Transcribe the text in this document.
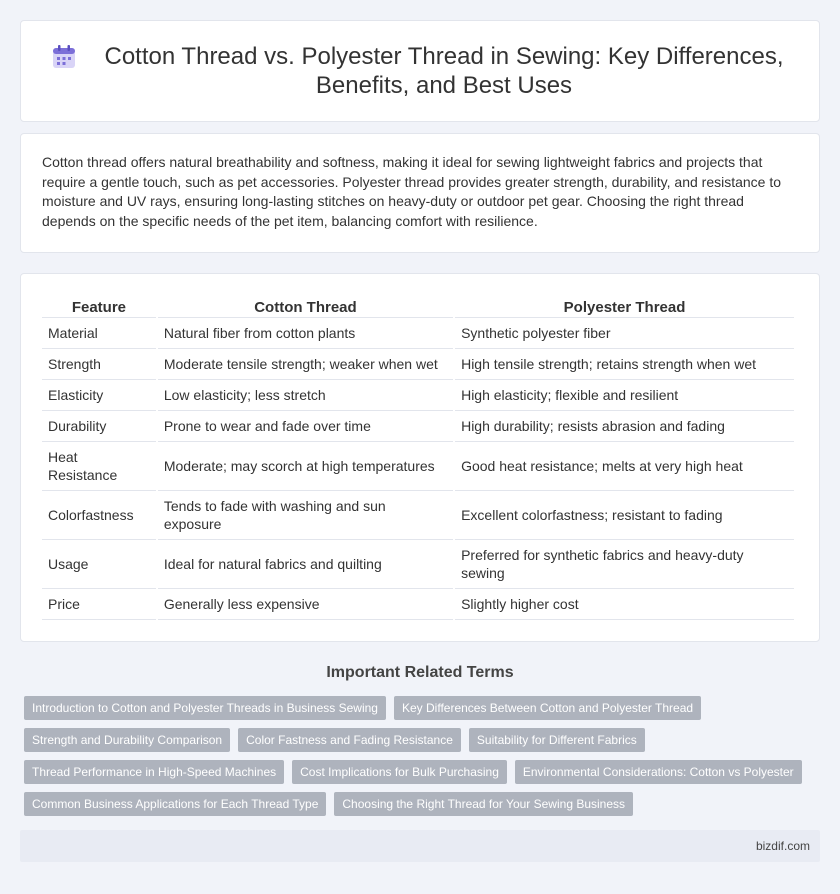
Cotton Thread vs. Polyester Thread in Sewing: Key Differences, Benefits, and Best Uses

Cotton thread offers natural breathability and softness, making it ideal for sewing lightweight fabrics and projects that require a gentle touch, such as pet accessories. Polyester thread provides greater strength, durability, and resistance to moisture and UV rays, ensuring long-lasting stitches on heavy-duty or outdoor pet gear. Choosing the right thread depends on the specific needs of the pet item, balancing comfort with resilience.

Feature	Cotton Thread	Polyester Thread
Material	Natural fiber from cotton plants	Synthetic polyester fiber
Strength	Moderate tensile strength; weaker when wet	High tensile strength; retains strength when wet
Elasticity	Low elasticity; less stretch	High elasticity; flexible and resilient
Durability	Prone to wear and fade over time	High durability; resists abrasion and fading
Heat Resistance	Moderate; may scorch at high temperatures	Good heat resistance; melts at very high heat
Colorfastness	Tends to fade with washing and sun exposure	Excellent colorfastness; resistant to fading
Usage	Ideal for natural fabrics and quilting	Preferred for synthetic fabrics and heavy-duty sewing
Price	Generally less expensive	Slightly higher cost
Important Related Terms
Introduction to Cotton and Polyester Threads in Business Sewing	Key Differences Between Cotton and Polyester Thread
Strength and Durability Comparison	Color Fastness and Fading Resistance	Suitability for Different Fabrics
Thread Performance in High-Speed Machines	Cost Implications for Bulk Purchasing	Environmental Considerations: Cotton vs Polyester
Common Business Applications for Each Thread Type	Choosing the Right Thread for Your Sewing Business
bizdif.com
